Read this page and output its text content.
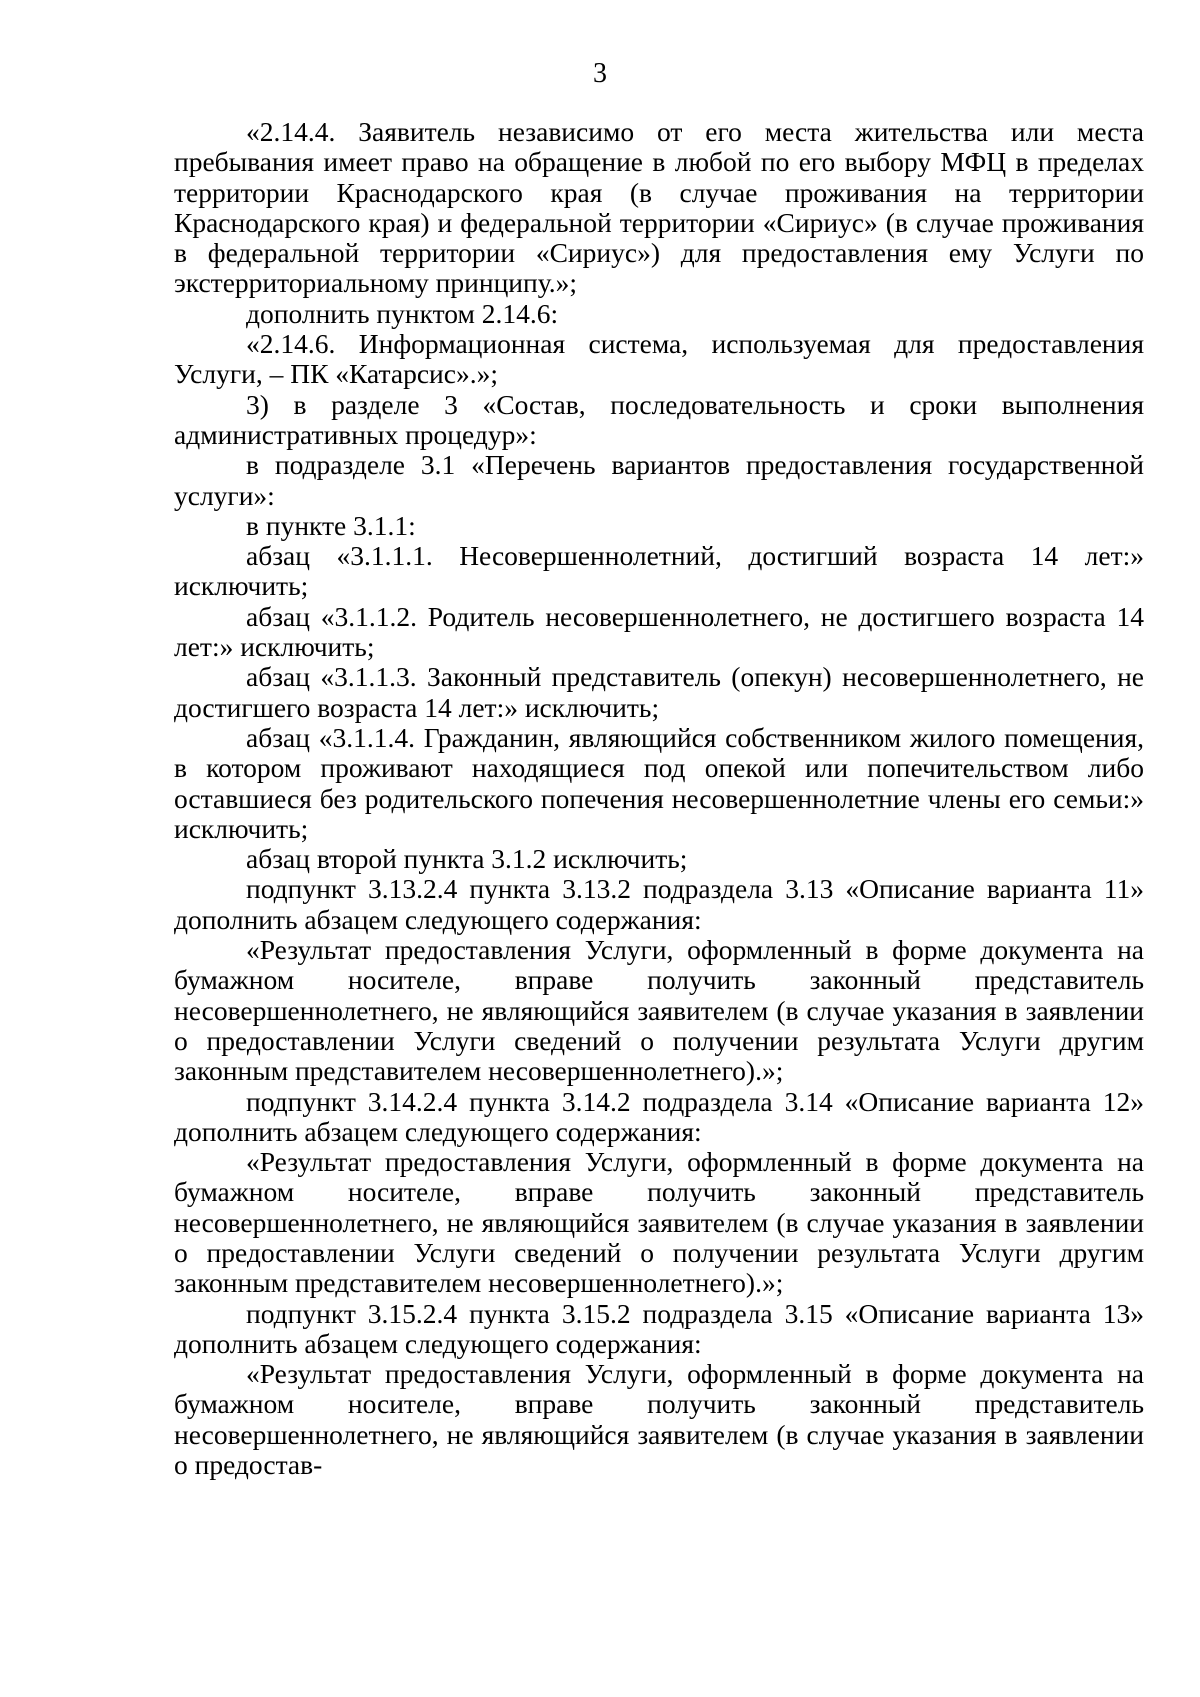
3

«2.14.4. Заявитель независимо от его места жительства или места пребывания имеет право на обращение в любой по его выбору МФЦ в пределах территории Краснодарского края (в случае проживания на территории Краснодарского края) и федеральной территории «Сириус» (в случае проживания в федеральной территории «Сириус») для предоставления ему Услуги по экстерриториальному принципу.»;

дополнить пунктом 2.14.6:

«2.14.6. Информационная система, используемая для предоставления Услуги, – ПК «Катарсис».»;

3) в разделе 3 «Состав, последовательность и сроки выполнения административных процедур»:

в подразделе 3.1 «Перечень вариантов предоставления государственной услуги»:

в пункте 3.1.1:

абзац «3.1.1.1. Несовершеннолетний, достигший возраста 14 лет:» исключить;

абзац «3.1.1.2. Родитель несовершеннолетнего, не достигшего возраста 14 лет:» исключить;

абзац «3.1.1.3. Законный представитель (опекун) несовершеннолетнего, не достигшего возраста 14 лет:» исключить;

абзац «3.1.1.4. Гражданин, являющийся собственником жилого помещения, в котором проживают находящиеся под опекой или попечительством либо оставшиеся без родительского попечения несовершеннолетние члены его семьи:» исключить;

абзац второй пункта 3.1.2 исключить;

подпункт 3.13.2.4 пункта 3.13.2 подраздела 3.13 «Описание варианта 11» дополнить абзацем следующего содержания:

«Результат предоставления Услуги, оформленный в форме документа на бумажном носителе, вправе получить законный представитель несовершеннолетнего, не являющийся заявителем (в случае указания в заявлении о предоставлении Услуги сведений о получении результата Услуги другим законным представителем несовершеннолетнего).»;

подпункт 3.14.2.4 пункта 3.14.2 подраздела 3.14 «Описание варианта 12» дополнить абзацем следующего содержания:

«Результат предоставления Услуги, оформленный в форме документа на бумажном носителе, вправе получить законный представитель несовершеннолетнего, не являющийся заявителем (в случае указания в заявлении о предоставлении Услуги сведений о получении результата Услуги другим законным представителем несовершеннолетнего).»;

подпункт 3.15.2.4 пункта 3.15.2 подраздела 3.15 «Описание варианта 13» дополнить абзацем следующего содержания:

«Результат предоставления Услуги, оформленный в форме документа на бумажном носителе, вправе получить законный представитель несовершеннолетнего, не являющийся заявителем (в случае указания в заявлении о предостав-
